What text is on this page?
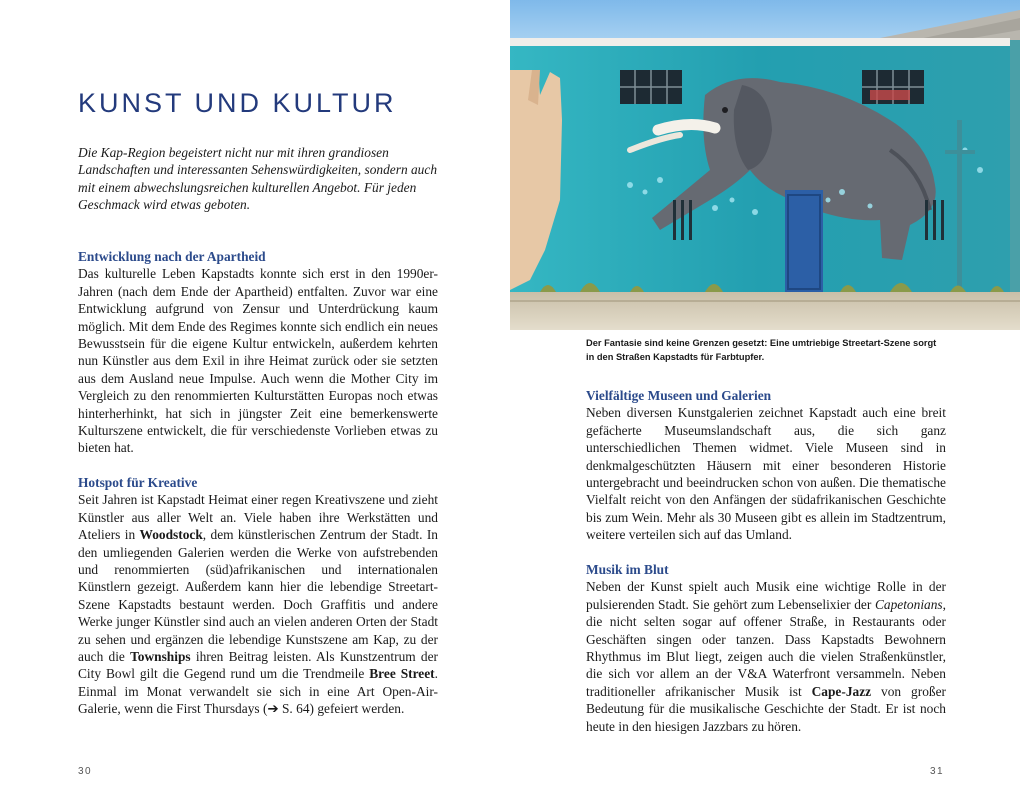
KUNST UND KULTUR

Die Kap-Region begeistert nicht nur mit ihren grandiosen Landschaften und interessanten Sehenswürdigkeiten, sondern auch mit einem abwechslungsreichen kulturellen Angebot. Für jeden Geschmack wird etwas geboten.

Entwicklung nach der Apartheid

Das kulturelle Leben Kapstadts konnte sich erst in den 1990er-Jahren (nach dem Ende der Apartheid) entfalten. Zuvor war eine Entwicklung aufgrund von Zensur und Unterdrückung kaum möglich. Mit dem Ende des Regimes konnte sich endlich ein neues Bewusstsein für die eigene Kultur entwickeln, außerdem kehrten nun Künstler aus dem Exil in ihre Heimat zurück oder sie setzten aus dem Ausland neue Impulse. Auch wenn die Mother City im Vergleich zu den renommierten Kulturstätten Europas noch etwas hinterherhinkt, hat sich in jüngster Zeit eine bemerkenswerte Kulturszene entwickelt, die für verschiedenste Vorlieben etwas zu bieten hat.

Hotspot für Kreative

Seit Jahren ist Kapstadt Heimat einer regen Kreativszene und zieht Künstler aus aller Welt an. Viele haben ihre Werkstätten und Ateliers in Woodstock, dem künstlerischen Zentrum der Stadt. In den umliegenden Galerien werden die Werke von aufstrebenden und renommierten (süd)afrikanischen und internationalen Künstlern gezeigt. Außerdem kann hier die lebendige Streetart-Szene Kapstadts bestaunt werden. Doch Graffitis und andere Werke junger Künstler sind auch an vielen anderen Orten der Stadt zu sehen und ergänzen die lebendige Kunstszene am Kap, zu der auch die Townships ihren Beitrag leisten. Als Kunstzentrum der City Bowl gilt die Gegend rund um die Trendmeile Bree Street. Einmal im Monat verwandelt sie sich in eine Art Open-Air-Galerie, wenn die First Thursdays (➔ S. 64) gefeiert werden.

30

Der Fantasie sind keine Grenzen gesetzt: Eine umtriebige Streetart-Szene sorgt in den Straßen Kapstadts für Farbtupfer.

Vielfältige Museen und Galerien

Neben diversen Kunstgalerien zeichnet Kapstadt auch eine breit gefächerte Museumslandschaft aus, die sich ganz unterschiedlichen Themen widmet. Viele Museen sind in denkmalgeschützten Häusern mit einer besonderen Historie untergebracht und beeindrucken schon von außen. Die thematische Vielfalt reicht von den Anfängen der südafrikanischen Geschichte bis zum Wein. Mehr als 30 Museen gibt es allein im Stadtzentrum, weitere verteilen sich auf das Umland.

Musik im Blut

Neben der Kunst spielt auch Musik eine wichtige Rolle in der pulsierenden Stadt. Sie gehört zum Lebenselixier der Capetonians, die nicht selten sogar auf offener Straße, in Restaurants oder Geschäften singen oder tanzen. Dass Kapstadts Bewohnern Rhythmus im Blut liegt, zeigen auch die vielen Straßenkünstler, die sich vor allem an der V&A Waterfront versammeln. Neben traditioneller afrikanischer Musik ist Cape-Jazz von großer Bedeutung für die musikalische Geschichte der Stadt. Er ist noch heute in den hiesigen Jazzbars zu hören.

31
